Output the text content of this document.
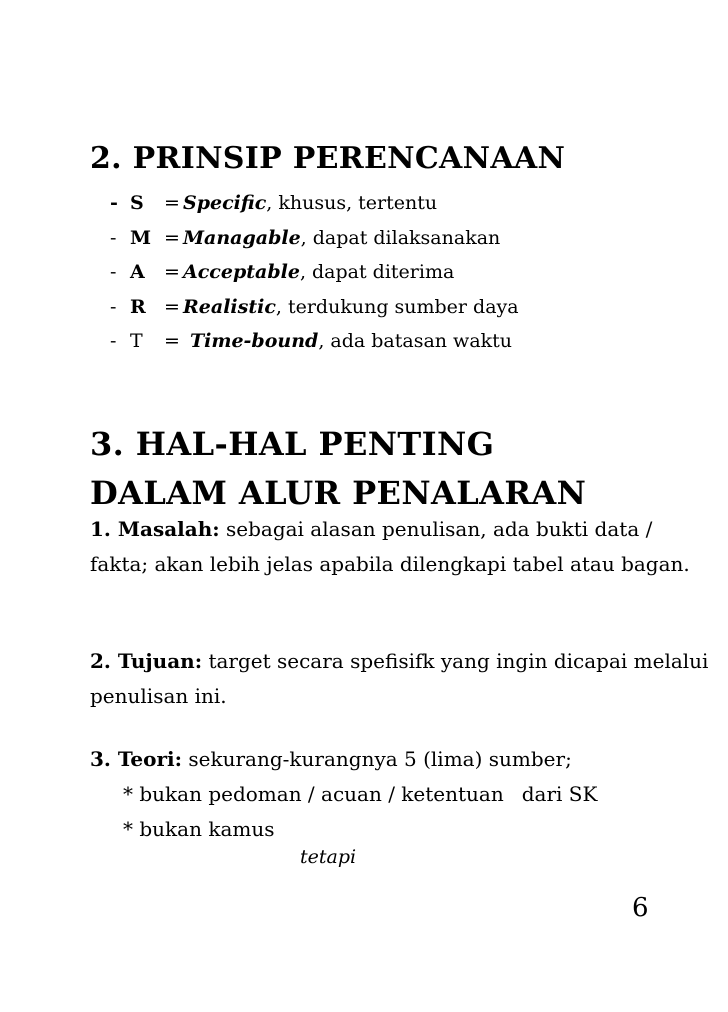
2. PRINSIP PERENCANAAN
- S	= Specific , khusus, tertentu
- M = Managable , dapat dilaksanakan
- A	= Acceptable , dapat diterima
- R = Realistic , terdukung sumber daya
- T	= Time-bound , ada batasan waktu
3. HAL-HAL PENTING
DALAM ALUR PENALARAN
1. Masalah: sebagai alasan penulisan, ada bukti data / fakta; akan lebih jelas apabila dilengkapi tabel atau bagan.
2. Tujuan: target secara spefisifk yang ingin dicapai melalui penulisan ini.
3. Teori: sekurang-kurangnya 5 (lima) sumber;
* bukan pedoman / acuan / ketentuan dari SK
* bukan kamus
tetapi
6
